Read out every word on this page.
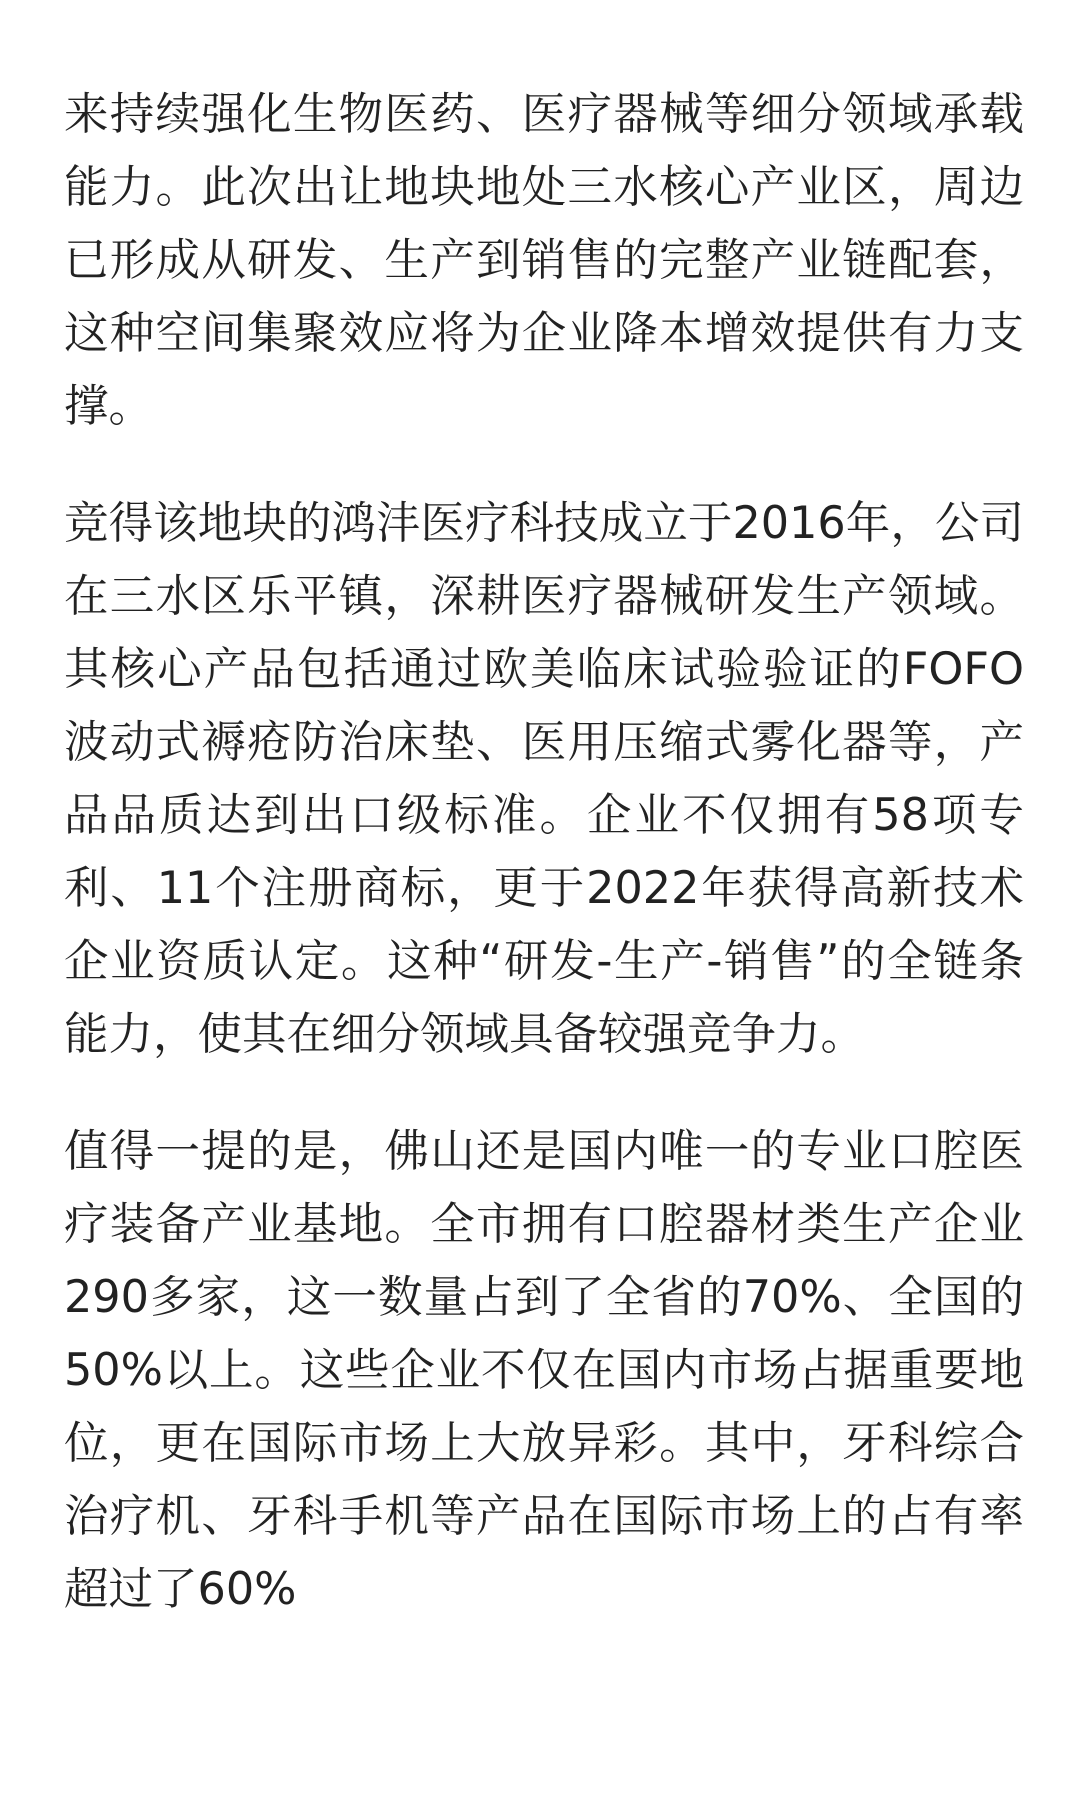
来持续强化生物医药、医疗器械等细分领域承载能力。此次出让地块地处三水核心产业区，周边已形成从研发、生产到销售的完整产业链配套，这种空间集聚效应将为企业降本增效提供有力支撑。

竞得该地块的鸿沣医疗科技成立于2016年，公司在三水区乐平镇，深耕医疗器械研发生产领域。其核心产品包括通过欧美临床试验验证的FOFO波动式褥疮防治床垫、医用压缩式雾化器等，产品品质达到出口级标准。企业不仅拥有58项专利、11个注册商标，更于2022年获得高新技术企业资质认定。这种“研发-生产-销售”的全链条能力，使其在细分领域具备较强竞争力。

值得一提的是，佛山还是国内唯一的专业口腔医疗装备产业基地。全市拥有口腔器材类生产企业290多家，这一数量占到了全省的70%、全国的50%以上。这些企业不仅在国内市场占据重要地位，更在国际市场上大放异彩。其中，牙科综合治疗机、牙科手机等产品在国际市场上的占有率超过了60%
